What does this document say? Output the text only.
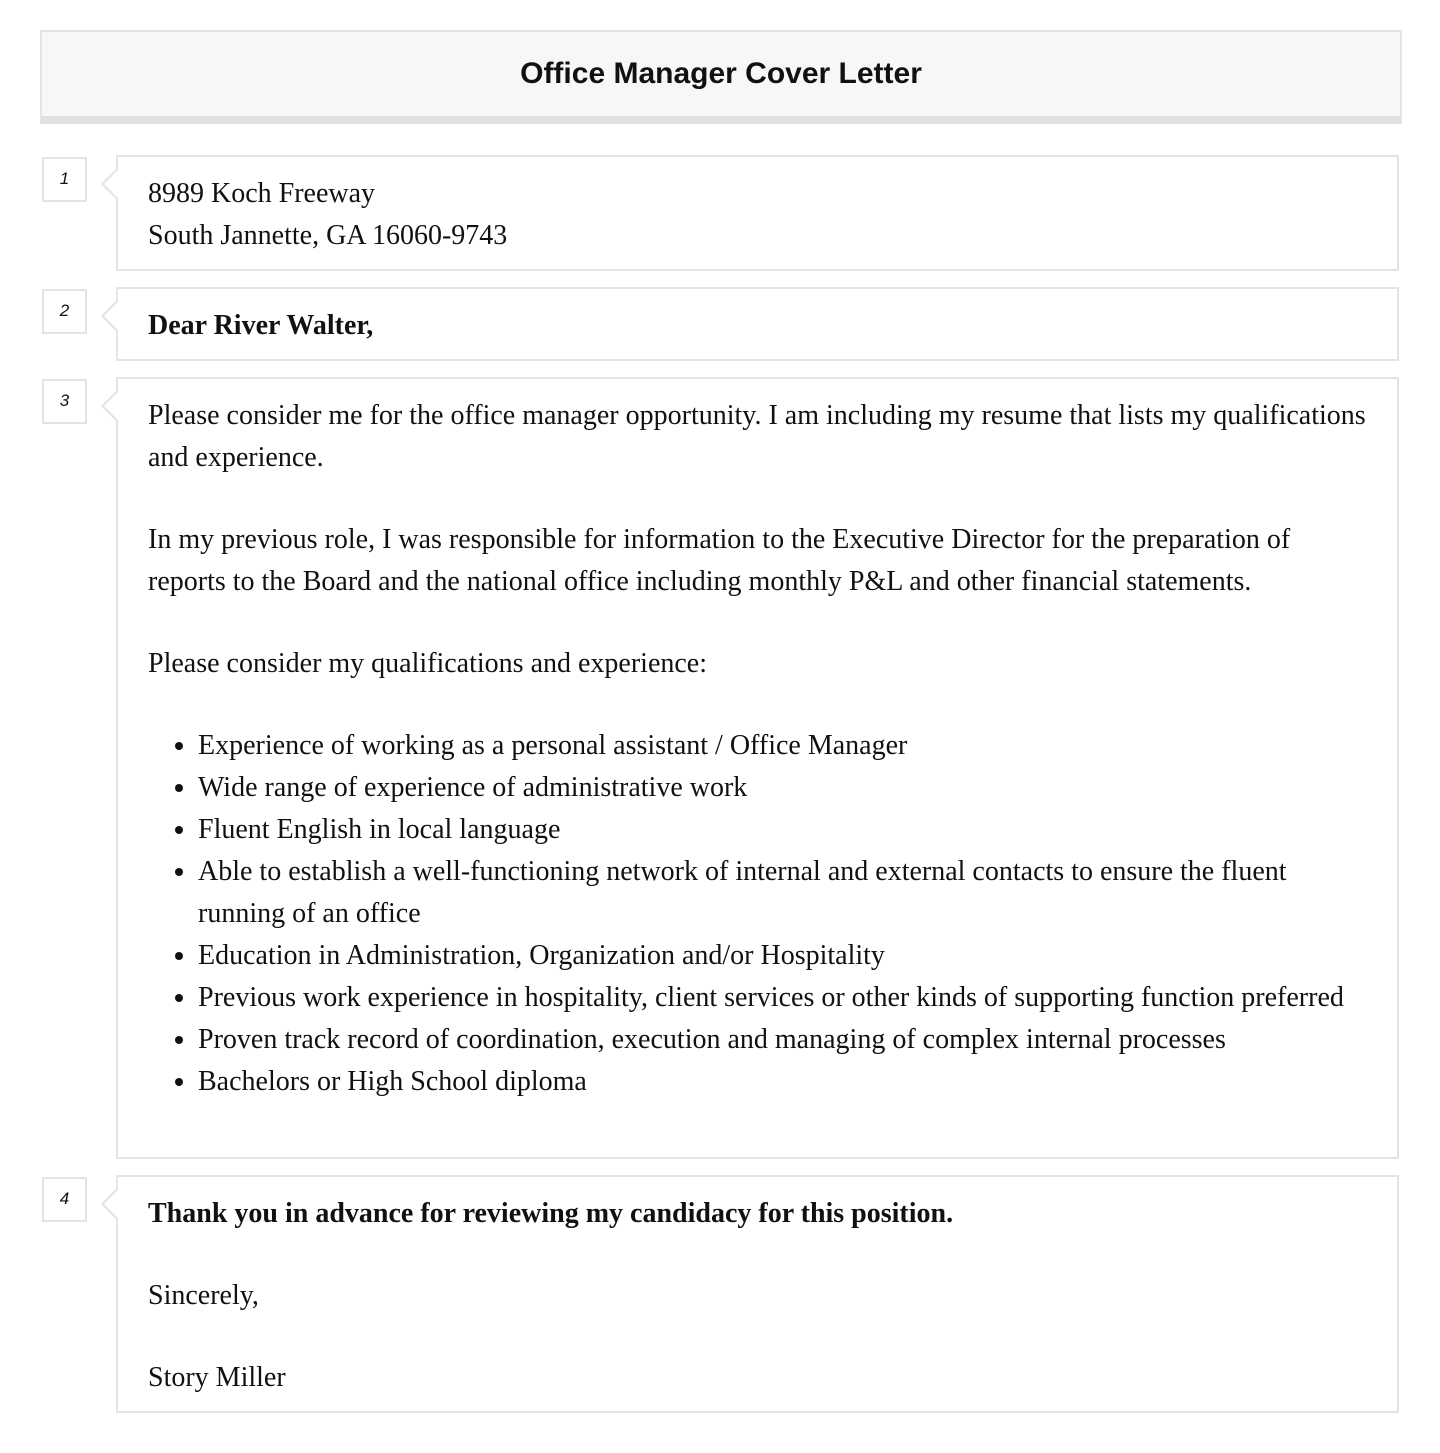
Office Manager Cover Letter
1	8989 Koch Freeway
South Jannette, GA 16060-9743
2	Dear River Walter,
3	Please consider me for the office manager opportunity. I am including my resume that lists my qualifications and experience.
In my previous role, I was responsible for information to the Executive Director for the preparation of reports to the Board and the national office including monthly P&L and other financial statements.
Please consider my qualifications and experience:
• Experience of working as a personal assistant / Office Manager
• Wide range of experience of administrative work
• Fluent English in local language
• Able to establish a well-functioning network of internal and external contacts to ensure the fluent running of an office
• Education in Administration, Organization and/or Hospitality
• Previous work experience in hospitality, client services or other kinds of supporting function preferred
• Proven track record of coordination, execution and managing of complex internal processes
• Bachelors or High School diploma
4	Thank you in advance for reviewing my candidacy for this position.
Sincerely,
Story Miller
